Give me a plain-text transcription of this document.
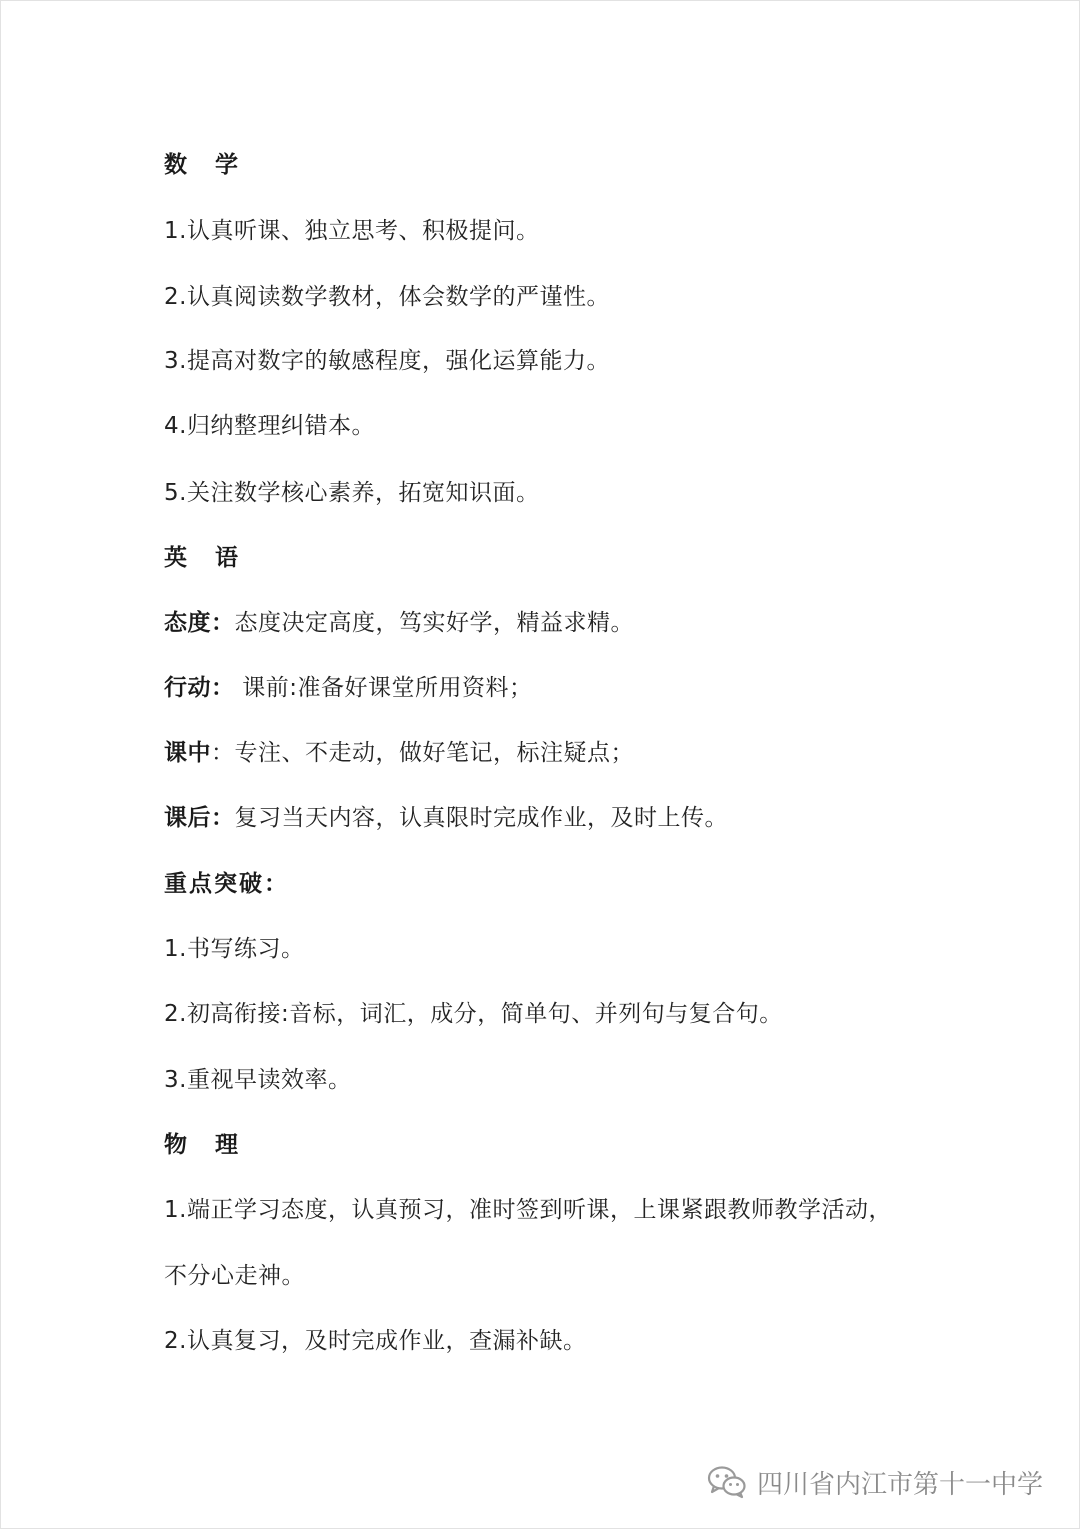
数 学
1.认真听课、独立思考、积极提问。
2.认真阅读数学教材，体会数学的严谨性。
3.提高对数字的敏感程度，强化运算能力。
4.归纳整理纠错本。
5.关注数学核心素养，拓宽知识面。
英 语
态度：态度决定高度，笃实好学，精益求精。
行动： 课前:准备好课堂所用资料；
课中：专注、不走动，做好笔记，标注疑点；
课后：复习当天内容，认真限时完成作业，及时上传。
重点突破：
1.书写练习。
2.初高衔接:音标，词汇，成分，简单句、并列句与复合句。
3.重视早读效率。
物 理
1.端正学习态度，认真预习，准时签到听课，上课紧跟教师教学活动，
不分心走神。
2.认真复习，及时完成作业，查漏补缺。
四川省内江市第十一中学
